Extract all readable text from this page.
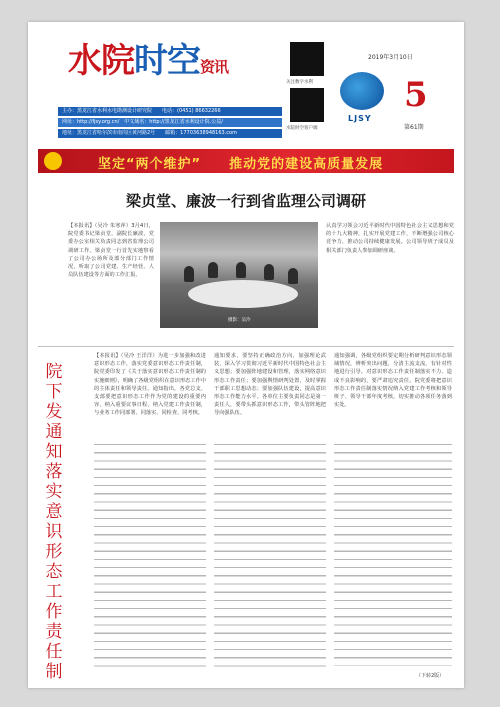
水院时空资讯
主办：黑龙江省水利水电勘测设计研究院　　电话：(0451) 86632266
网址：http://fjsy.org.cn/　中文域名：http://黑龙江省水利设计院.公益/
地址：黑龙江省哈尔滨市南岗区黄河路2号　　邮箱：17703638948163.com
关注数字水利
水院时空客户端
2019年3月10日
LJSY
5
第61期
坚定“两个维护”　　推动党的建设高质量发展
梁贞堂、廉波一行到省监理公司调研
【本报讯】（吴冷 朱寒萍）3月4日，院党委书记梁贞堂、副院长廉波，党委办公室相关负责同志到省监理公司调研工作。梁贞堂一行首先实地察看了公司办公场所及部分部门工作情况，听取了公司党建、生产经营、人员队伍建设等方面的工作汇报。
摄影：吴冷
认真学习领会习近平新时代中国特色社会主义思想和党的十九大精神，扎实开展党建工作，不断增强公司核心竞争力，推动公司持续健康发展。公司领导班子成员及相关部门负责人参加调研座谈。
院下发通知落实意识形态工作责任制
【本报讯】（吴冷 王洋洋）为进一步加强和改进意识形态工作，落实党委意识形态工作责任制，院党委印发了《关于落实意识形态工作责任制的实施细则》，明确了各级党组织在意识形态工作中的主体责任和领导责任。通知指出，各党总支、支部要把意识形态工作作为党的建设的重要内容，纳入重要议事日程，纳入党建工作责任制，与业务工作同部署、同落实、同检查、同考核。
通知要求，要坚持正确政治方向，加强理论武装，深入学习贯彻习近平新时代中国特色社会主义思想；要加强阵地建设和管理，落实网络意识形态工作责任；要加强舆情研判处置，及时掌握干部职工思想动态；要加强队伍建设，提高意识形态工作能力水平。各单位主要负责同志是第一责任人，要带头抓意识形态工作，带头管阵地把导向强队伍。
通知强调，各级党组织要定期分析研判意识形态领域情况，辨析突出问题，分清主流支流，有针对性地进行引导。对意识形态工作责任制落实不力、造成不良影响的，要严肃追究责任。院党委将把意识形态工作责任制落实情况纳入党建工作考核和领导班子、领导干部年度考核，切实推动各项任务落到实处。
（下转2版）
